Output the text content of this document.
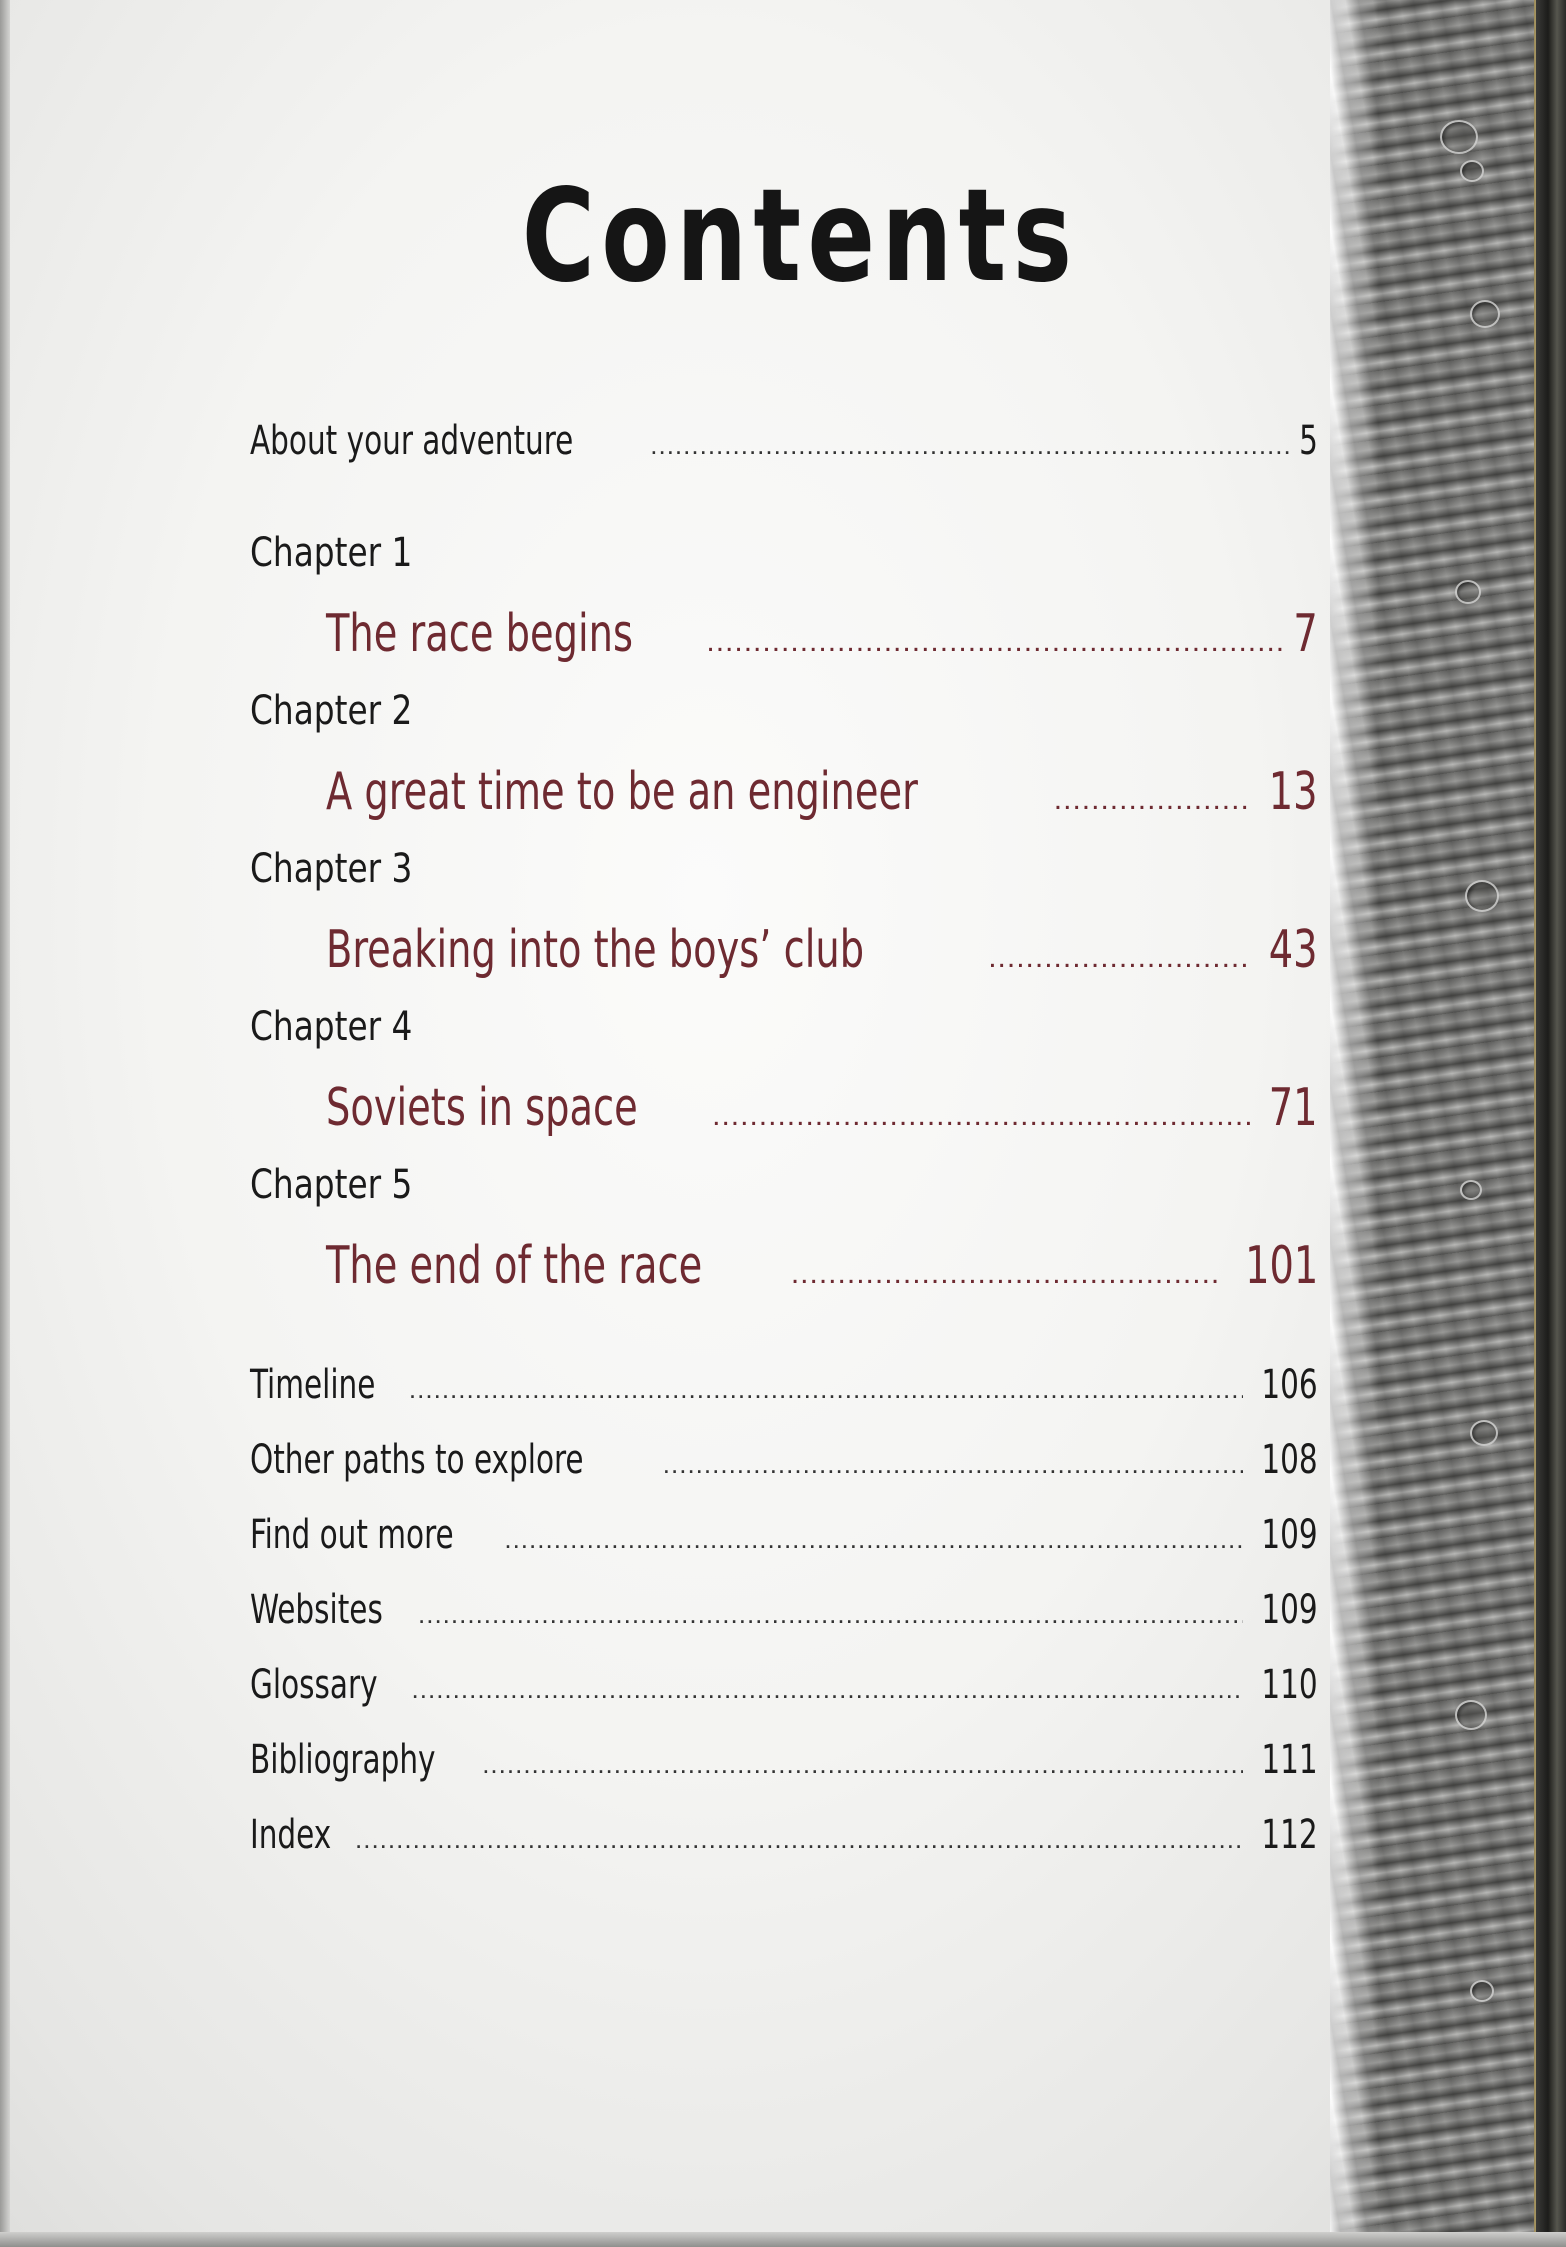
Contents
About your adventure .....	5
Chapter 1
The race begins .....	7
Chapter 2
A great time to be an engineer .....	13
Chapter 3
Breaking into the boys’ club .....	43
Chapter 4
Soviets in space .....	71
Chapter 5
The end of the race .....	101
Timeline .....	106
Other paths to explore .....	108
Find out more .....	109
Websites .....	109
Glossary .....	110
Bibliography .....	111
Index .....	112
